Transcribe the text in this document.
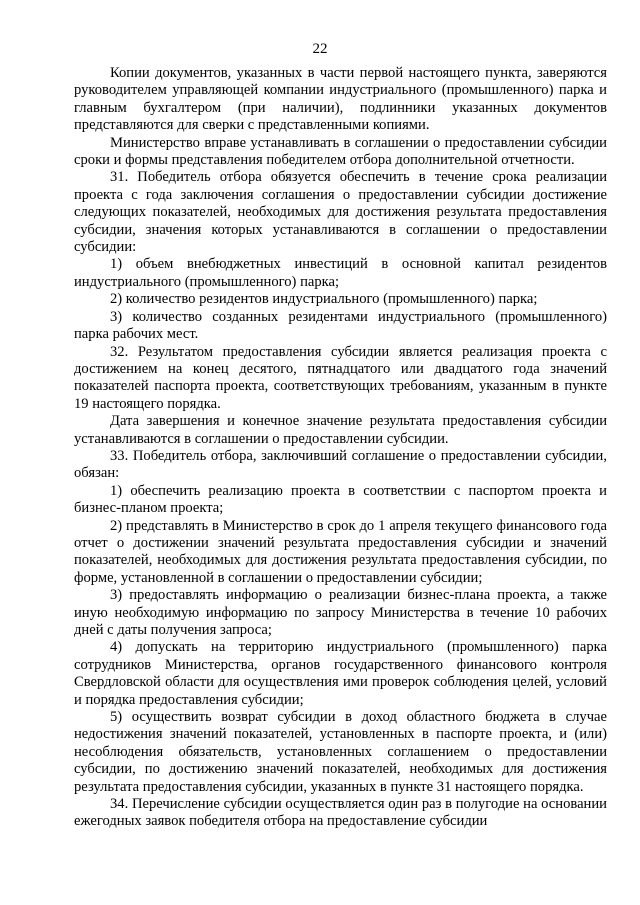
22

Копии документов, указанных в части первой настоящего пункта, заверяются руководителем управляющей компании индустриального (промышленного) парка и главным бухгалтером (при наличии), подлинники указанных документов представляются для сверки с представленными копиями.

Министерство вправе устанавливать в соглашении о предоставлении субсидии сроки и формы представления победителем отбора дополнительной отчетности.

31. Победитель отбора обязуется обеспечить в течение срока реализации проекта с года заключения соглашения о предоставлении субсидии достижение следующих показателей, необходимых для достижения результата предоставления субсидии, значения которых устанавливаются в соглашении о предоставлении субсидии:

1) объем внебюджетных инвестиций в основной капитал резидентов индустриального (промышленного) парка;

2) количество резидентов индустриального (промышленного) парка;

3) количество созданных резидентами индустриального (промышленного) парка рабочих мест.

32. Результатом предоставления субсидии является реализация проекта с достижением на конец десятого, пятнадцатого или двадцатого года значений показателей паспорта проекта, соответствующих требованиям, указанным в пункте 19 настоящего порядка.

Дата завершения и конечное значение результата предоставления субсидии устанавливаются в соглашении о предоставлении субсидии.

33. Победитель отбора, заключивший соглашение о предоставлении субсидии, обязан:

1) обеспечить реализацию проекта в соответствии с паспортом проекта и бизнес-планом проекта;

2) представлять в Министерство в срок до 1 апреля текущего финансового года отчет о достижении значений результата предоставления субсидии и значений показателей, необходимых для достижения результата предоставления субсидии, по форме, установленной в соглашении о предоставлении субсидии;

3) предоставлять информацию о реализации бизнес-плана проекта, а также иную необходимую информацию по запросу Министерства в течение 10 рабочих дней с даты получения запроса;

4) допускать на территорию индустриального (промышленного) парка сотрудников Министерства, органов государственного финансового контроля Свердловской области для осуществления ими проверок соблюдения целей, условий и порядка предоставления субсидии;

5) осуществить возврат субсидии в доход областного бюджета в случае недостижения значений показателей, установленных в паспорте проекта, и (или) несоблюдения обязательств, установленных соглашением о предоставлении субсидии, по достижению значений показателей, необходимых для достижения результата предоставления субсидии, указанных в пункте 31 настоящего порядка.

34. Перечисление субсидии осуществляется один раз в полугодие на основании ежегодных заявок победителя отбора на предоставление субсидии
